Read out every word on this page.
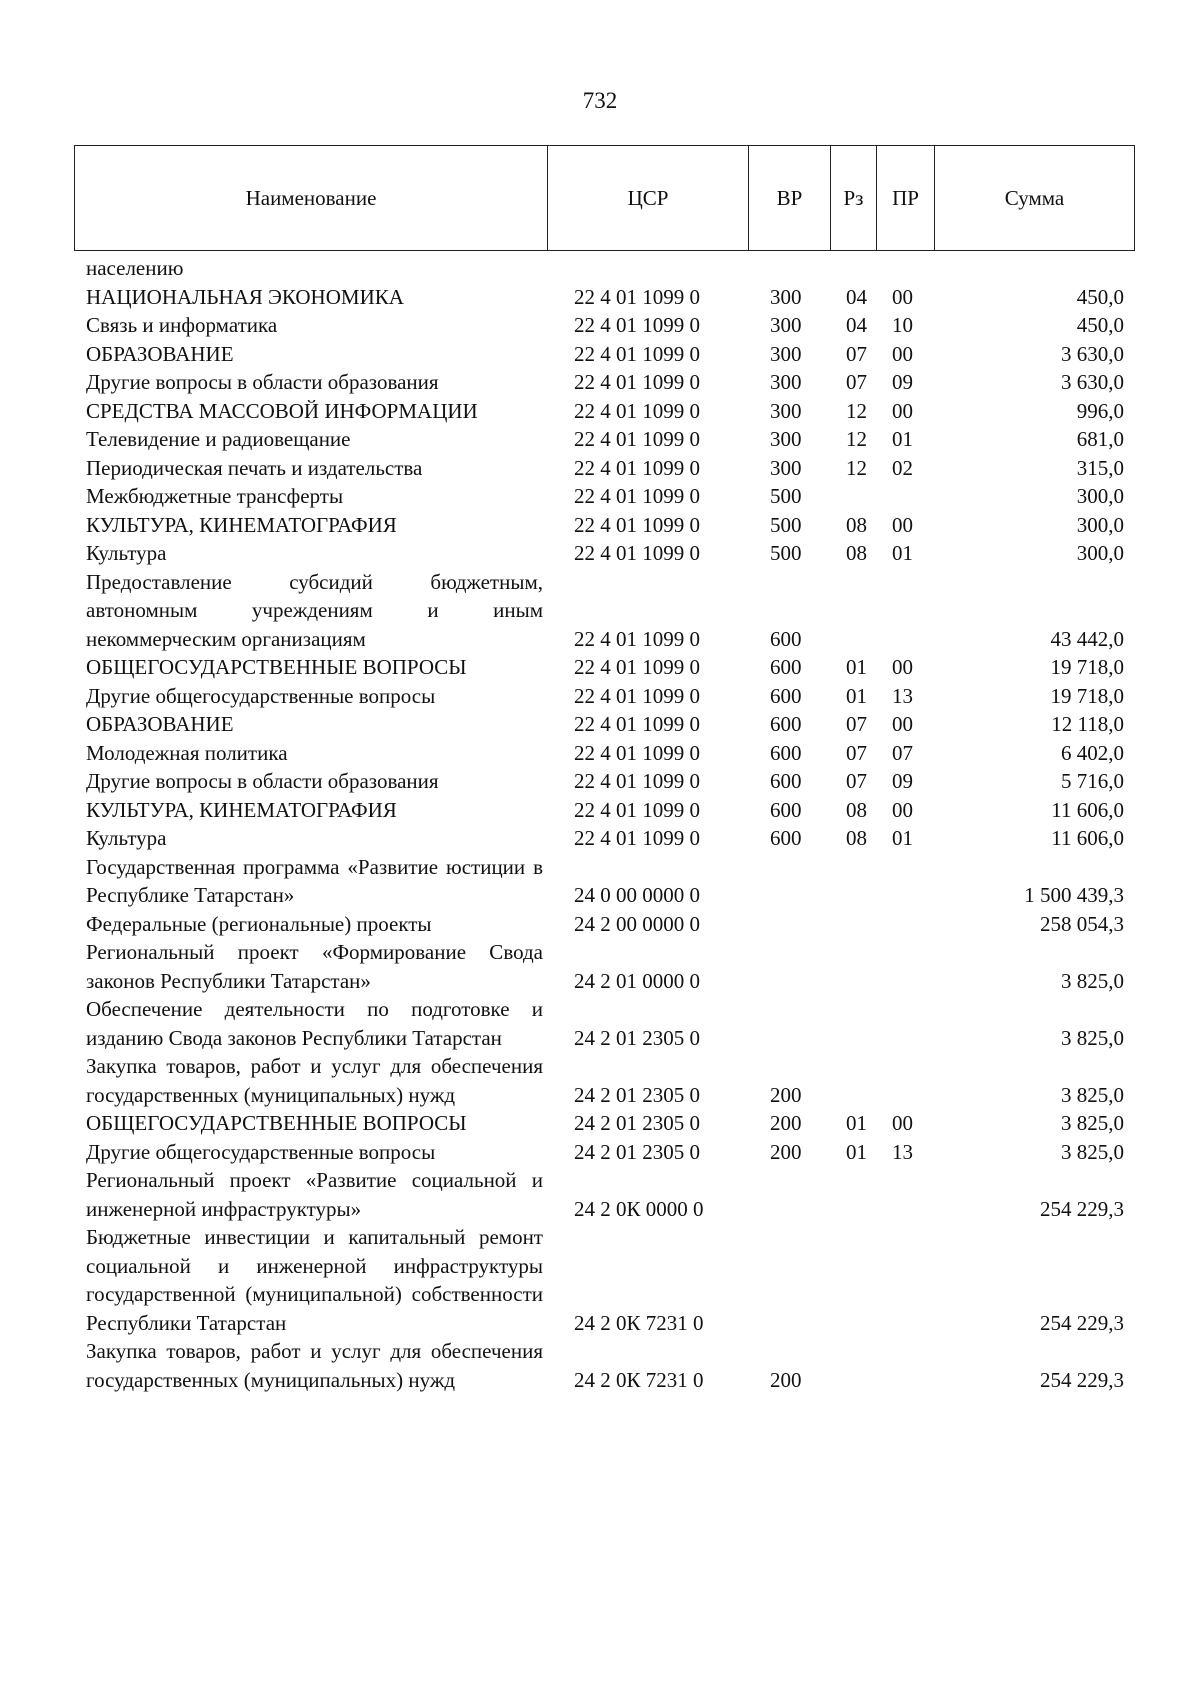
732
Наименование	ЦСР	ВР	Рз	ПР	Сумма
населению					
НАЦИОНАЛЬНАЯ ЭКОНОМИКА	22 4 01 1099 0	300	04	00	450,0
Связь и информатика	22 4 01 1099 0	300	04	10	450,0
ОБРАЗОВАНИЕ	22 4 01 1099 0	300	07	00	3 630,0
Другие вопросы в области образования	22 4 01 1099 0	300	07	09	3 630,0
СРЕДСТВА МАССОВОЙ ИНФОРМАЦИИ	22 4 01 1099 0	300	12	00	996,0
Телевидение и радиовещание	22 4 01 1099 0	300	12	01	681,0
Периодическая печать и издательства	22 4 01 1099 0	300	12	02	315,0
Межбюджетные трансферты	22 4 01 1099 0	500			300,0
КУЛЬТУРА, КИНЕМАТОГРАФИЯ	22 4 01 1099 0	500	08	00	300,0
Культура	22 4 01 1099 0	500	08	01	300,0
Предоставление субсидий бюджетным, автономным учреждениям и иным некоммерческим организациям	22 4 01 1099 0	600			43 442,0
ОБЩЕГОСУДАРСТВЕННЫЕ ВОПРОСЫ	22 4 01 1099 0	600	01	00	19 718,0
Другие общегосударственные вопросы	22 4 01 1099 0	600	01	13	19 718,0
ОБРАЗОВАНИЕ	22 4 01 1099 0	600	07	00	12 118,0
Молодежная политика	22 4 01 1099 0	600	07	07	6 402,0
Другие вопросы в области образования	22 4 01 1099 0	600	07	09	5 716,0
КУЛЬТУРА, КИНЕМАТОГРАФИЯ	22 4 01 1099 0	600	08	00	11 606,0
Культура	22 4 01 1099 0	600	08	01	11 606,0
Государственная программа «Развитие юстиции в Республике Татарстан»	24 0 00 0000 0				1 500 439,3
Федеральные (региональные) проекты	24 2 00 0000 0				258 054,3
Региональный проект «Формирование Свода законов Республики Татарстан»	24 2 01 0000 0				3 825,0
Обеспечение деятельности по подготовке и изданию Свода законов Республики Татарстан	24 2 01 2305 0				3 825,0
Закупка товаров, работ и услуг для обеспечения государственных (муниципальных) нужд	24 2 01 2305 0	200			3 825,0
ОБЩЕГОСУДАРСТВЕННЫЕ ВОПРОСЫ	24 2 01 2305 0	200	01	00	3 825,0
Другие общегосударственные вопросы	24 2 01 2305 0	200	01	13	3 825,0
Региональный проект «Развитие социальной и инженерной инфраструктуры»	24 2 0К 0000 0				254 229,3
Бюджетные инвестиции и капитальный ремонт социальной и инженерной инфраструктуры государственной (муниципальной) собственности Республики Татарстан	24 2 0К 7231 0				254 229,3
Закупка товаров, работ и услуг для обеспечения государственных (муниципальных) нужд	24 2 0К 7231 0	200			254 229,3
